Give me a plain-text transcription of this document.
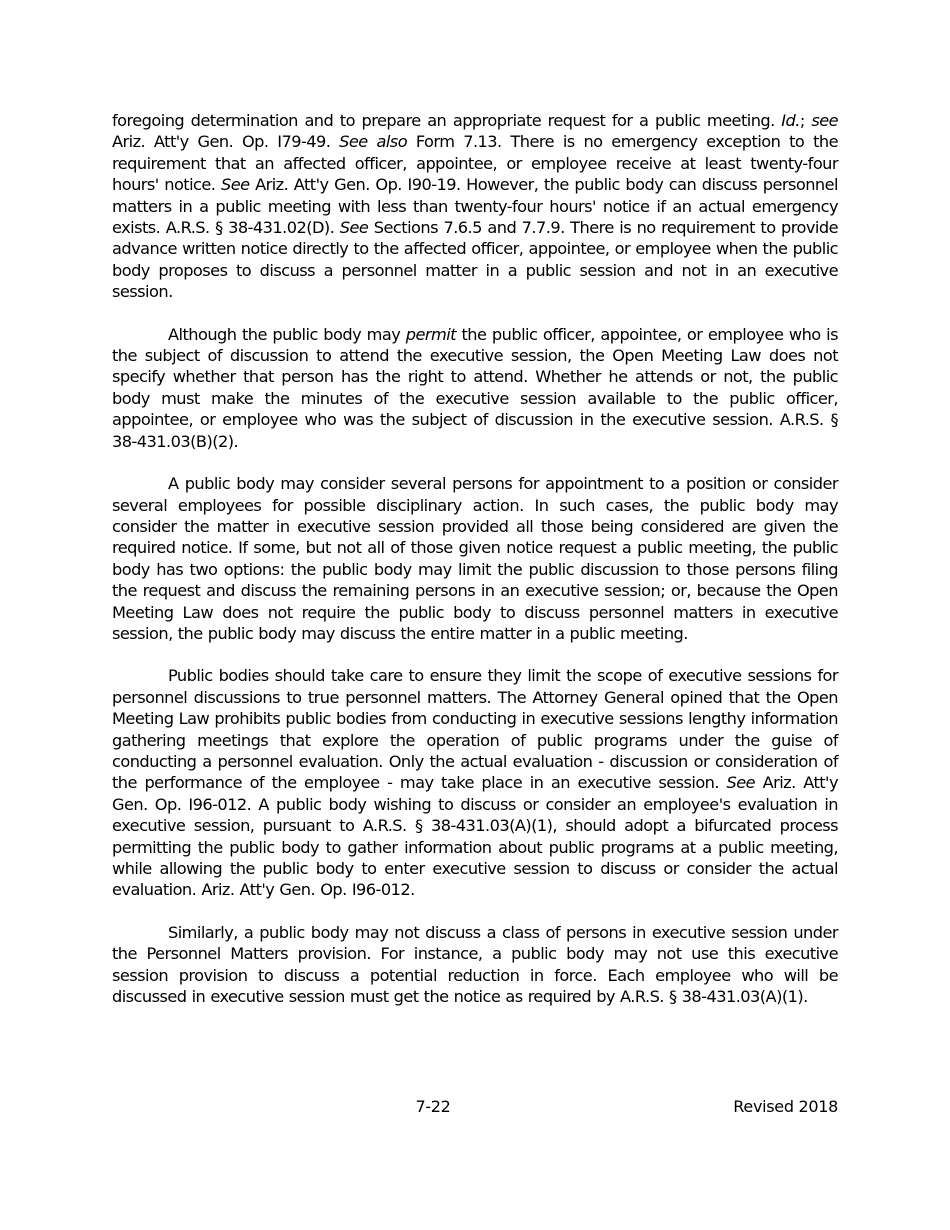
foregoing determination and to prepare an appropriate request for a public meeting. Id.; see Ariz. Att'y Gen. Op. I79-49. See also Form 7.13. There is no emergency exception to the requirement that an affected officer, appointee, or employee receive at least twenty-four hours' notice. See Ariz. Att'y Gen. Op. I90-19. However, the public body can discuss personnel matters in a public meeting with less than twenty-four hours' notice if an actual emergency exists. A.R.S. § 38-431.02(D). See Sections 7.6.5 and 7.7.9. There is no requirement to provide advance written notice directly to the affected officer, appointee, or employee when the public body proposes to discuss a personnel matter in a public session and not in an executive session.

Although the public body may permit the public officer, appointee, or employee who is the subject of discussion to attend the executive session, the Open Meeting Law does not specify whether that person has the right to attend. Whether he attends or not, the public body must make the minutes of the executive session available to the public officer, appointee, or employee who was the subject of discussion in the executive session. A.R.S. § 38-431.03(B)(2).

A public body may consider several persons for appointment to a position or consider several employees for possible disciplinary action. In such cases, the public body may consider the matter in executive session provided all those being considered are given the required notice. If some, but not all of those given notice request a public meeting, the public body has two options: the public body may limit the public discussion to those persons filing the request and discuss the remaining persons in an executive session; or, because the Open Meeting Law does not require the public body to discuss personnel matters in executive session, the public body may discuss the entire matter in a public meeting.

Public bodies should take care to ensure they limit the scope of executive sessions for personnel discussions to true personnel matters. The Attorney General opined that the Open Meeting Law prohibits public bodies from conducting in executive sessions lengthy information gathering meetings that explore the operation of public programs under the guise of conducting a personnel evaluation. Only the actual evaluation - discussion or consideration of the performance of the employee - may take place in an executive session. See Ariz. Att'y Gen. Op. I96-012. A public body wishing to discuss or consider an employee's evaluation in executive session, pursuant to A.R.S. § 38-431.03(A)(1), should adopt a bifurcated process permitting the public body to gather information about public programs at a public meeting, while allowing the public body to enter executive session to discuss or consider the actual evaluation. Ariz. Att'y Gen. Op. I96-012.

Similarly, a public body may not discuss a class of persons in executive session under the Personnel Matters provision. For instance, a public body may not use this executive session provision to discuss a potential reduction in force. Each employee who will be discussed in executive session must get the notice as required by A.R.S. § 38-431.03(A)(1).

7-22	Revised 2018
